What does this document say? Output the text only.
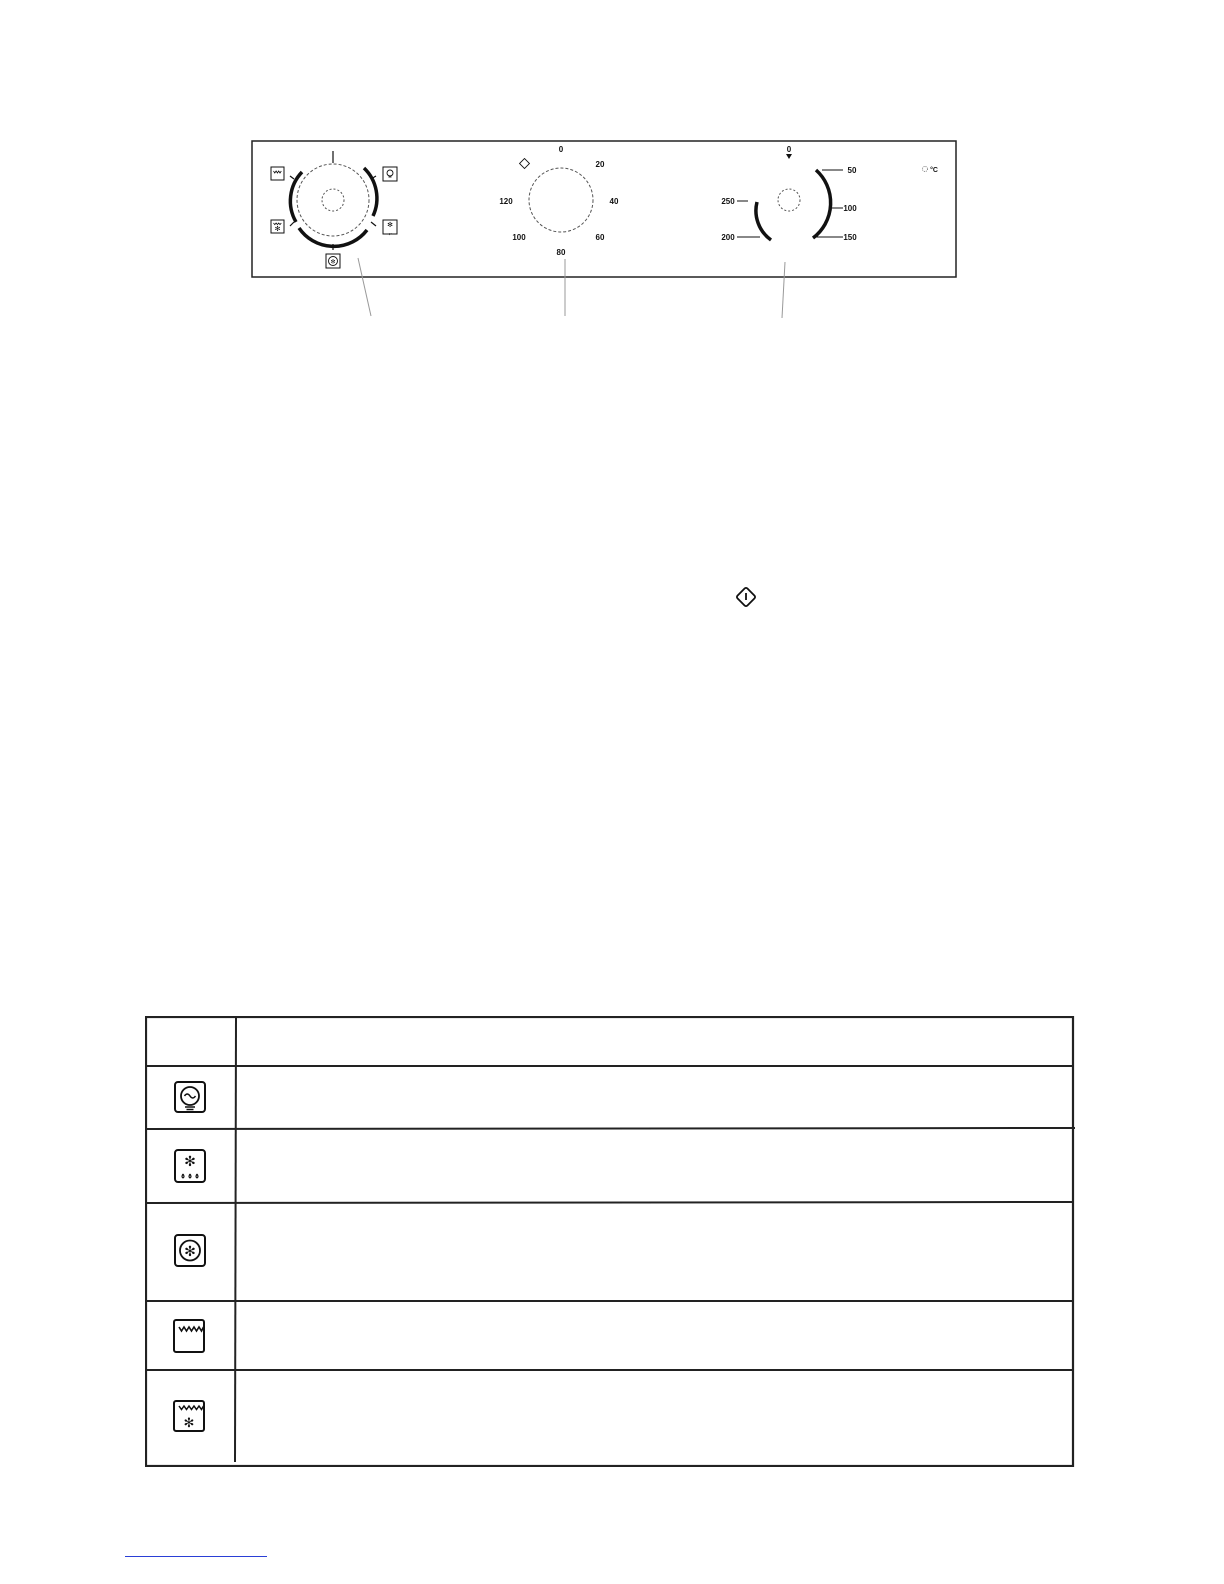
✻
✻
ٕ ٕ ٕ
✻
0
20
40
60
80
100
120
0
50
100
150
200
250
°C
✻
✻
✻
